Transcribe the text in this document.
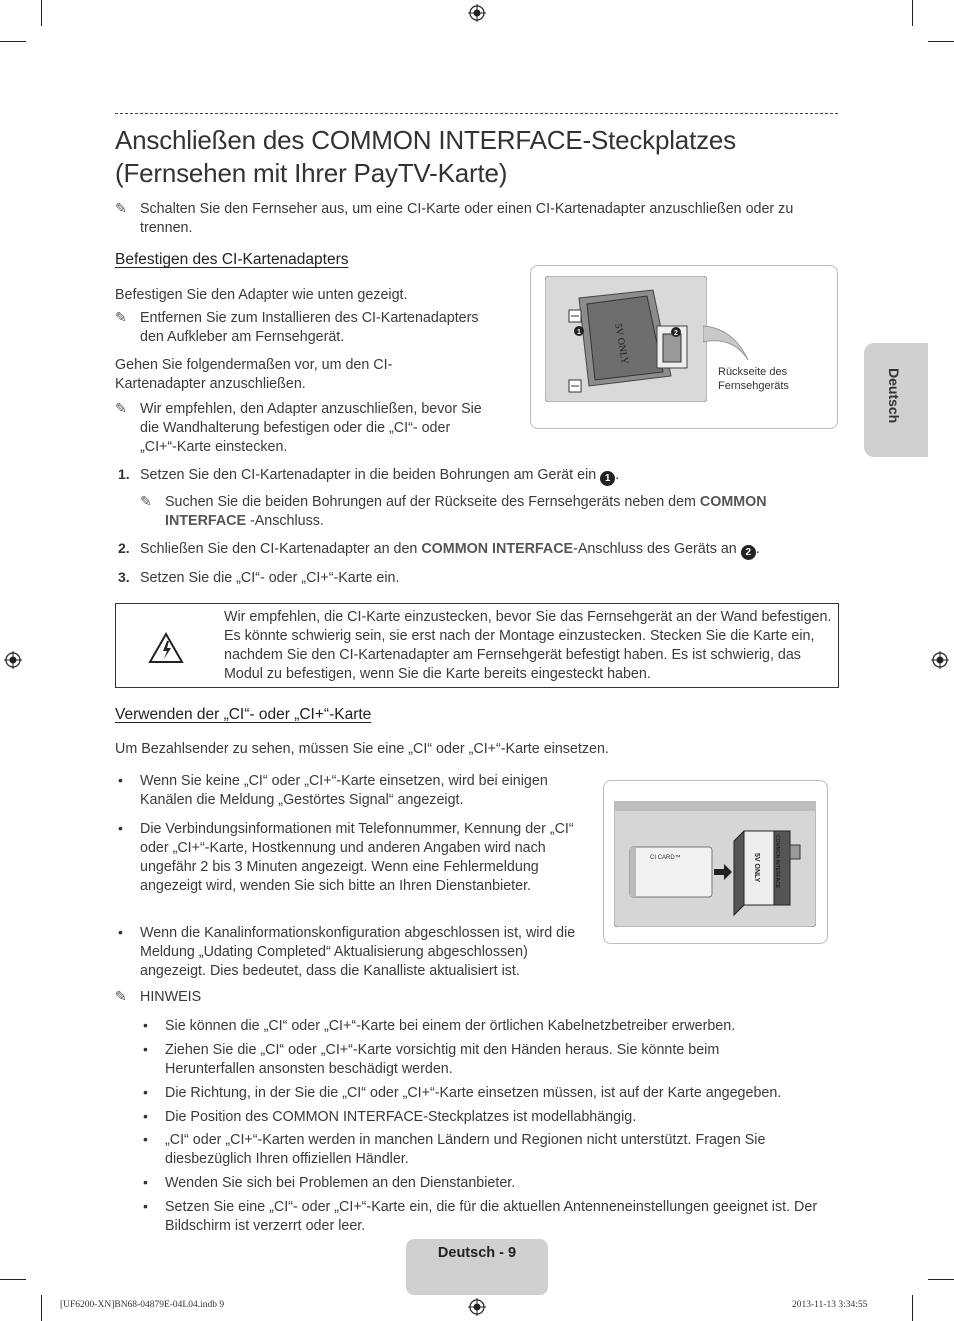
Anschließen des COMMON INTERFACE-Steckplatzes
(Fernsehen mit Ihrer PayTV-Karte)
✎ Schalten Sie den Fernseher aus, um eine CI-Karte oder einen CI-Kartenadapter anzuschließen oder zu trennen.
Befestigen des CI-Kartenadapters
Befestigen Sie den Adapter wie unten gezeigt.
✎ Entfernen Sie zum Installieren des CI-Kartenadapters den Aufkleber am Fernsehgerät.
Gehen Sie folgendermaßen vor, um den CI-Kartenadapter anzuschließen.
✎ Wir empfehlen, den Adapter anzuschließen, bevor Sie die Wandhalterung befestigen oder die „CI“- oder „CI+“-Karte einstecken.
5V ONLY
1	2
Rückseite des Fernsehgeräts
1. Setzen Sie den CI-Kartenadapter in die beiden Bohrungen am Gerät ein 1 .
✎ Suchen Sie die beiden Bohrungen auf der Rückseite des Fernsehgeräts neben dem COMMON
INTERFACE -Anschluss.
2. Schließen Sie den CI-Kartenadapter an den COMMON INTERFACE-Anschluss des Geräts an 2 .
3. Setzen Sie die „CI“- oder „CI+“-Karte ein.
Wir empfehlen, die CI-Karte einzustecken, bevor Sie das Fernsehgerät an der Wand befestigen. Es könnte schwierig sein, sie erst nach der Montage einzustecken. Stecken Sie die Karte ein, nachdem Sie den CI-Kartenadapter am Fernsehgerät befestigt haben. Es ist schwierig, das Modul zu befestigen, wenn Sie die Karte bereits eingesteckt haben.
Verwenden der „CI“- oder „CI+“-Karte
Um Bezahlsender zu sehen, müssen Sie eine „CI“ oder „CI+“-Karte einsetzen.
• Wenn Sie keine „CI“ oder „CI+“-Karte einsetzen, wird bei einigen Kanälen die Meldung „Gestörtes Signal“ angezeigt.
• Die Verbindungsinformationen mit Telefonnummer, Kennung der „CI“ oder „CI+“-Karte, Hostkennung und anderen Angaben wird nach ungefähr 2 bis 3 Minuten angezeigt. Wenn eine Fehlermeldung angezeigt wird, wenden Sie sich bitte an Ihren Dienstanbieter.
• Wenn die Kanalinformationskonfiguration abgeschlossen ist, wird die Meldung „Udating Completed“ Aktualisierung abgeschlossen) angezeigt. Dies bedeutet, dass die Kanalliste aktualisiert ist.
CI CARD™	COMMON INTERFACE
5V ONLY
✎ HINWEIS
• Sie können die „CI“ oder „CI+“-Karte bei einem der örtlichen Kabelnetzbetreiber erwerben.
• Ziehen Sie die „CI“ oder „CI+“-Karte vorsichtig mit den Händen heraus. Sie könnte beim Herunterfallen ansonsten beschädigt werden.
• Die Richtung, in der Sie die „CI“ oder „CI+“-Karte einsetzen müssen, ist auf der Karte angegeben.
• Die Position des COMMON INTERFACE-Steckplatzes ist modellabhängig.
• „CI“ oder „CI+“-Karten werden in manchen Ländern und Regionen nicht unterstützt. Fragen Sie diesbezüglich Ihren offiziellen Händler.
• Wenden Sie sich bei Problemen an den Dienstanbieter.
• Setzen Sie eine „CI“- oder „CI+“-Karte ein, die für die aktuellen Antenneneinstellungen geeignet ist. Der Bildschirm ist verzerrt oder leer.
Deutsch
Deutsch - 9
[UF6200-XN]BN68-04879E-04L04.indb 9	2013-11-13 3:34:55
